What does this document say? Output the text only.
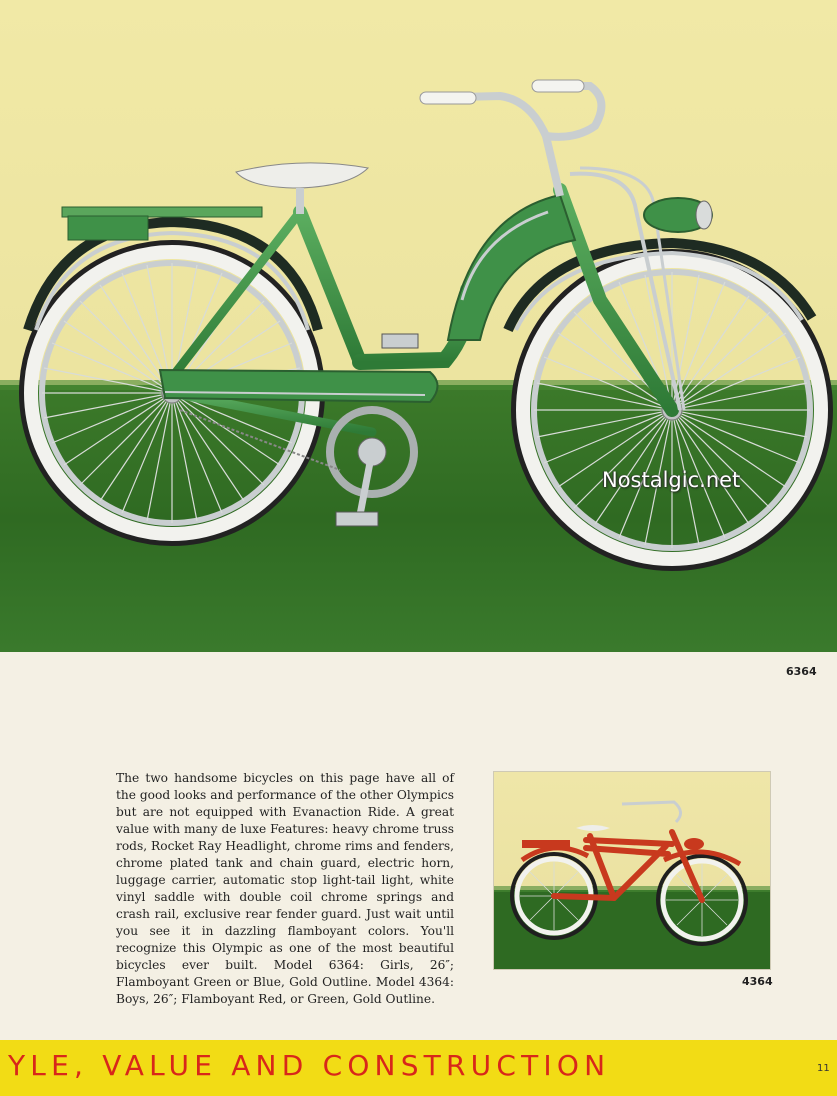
Nostalgic.net
6364

The two handsome bicycles on this page have all of the good looks and performance of the other Olympics but are not equipped with Evanaction Ride. A great value with many de luxe Features: heavy chrome truss rods, Rocket Ray Headlight, chrome rims and fenders, chrome plated tank and chain guard, electric horn, luggage carrier, automatic stop light-tail light, white vinyl saddle with double coil chrome springs and crash rail, exclusive rear fender guard. Just wait until you see it in dazzling flamboyant colors. You'll recognize this Olympic as one of the most beautiful bicycles ever built. Model 6364: Girls, 26″; Flamboyant Green or Blue, Gold Outline. Model 4364: Boys, 26″; Flamboyant Red, or Green, Gold Outline.

4364
YLE, VALUE AND CONSTRUCTION	11
